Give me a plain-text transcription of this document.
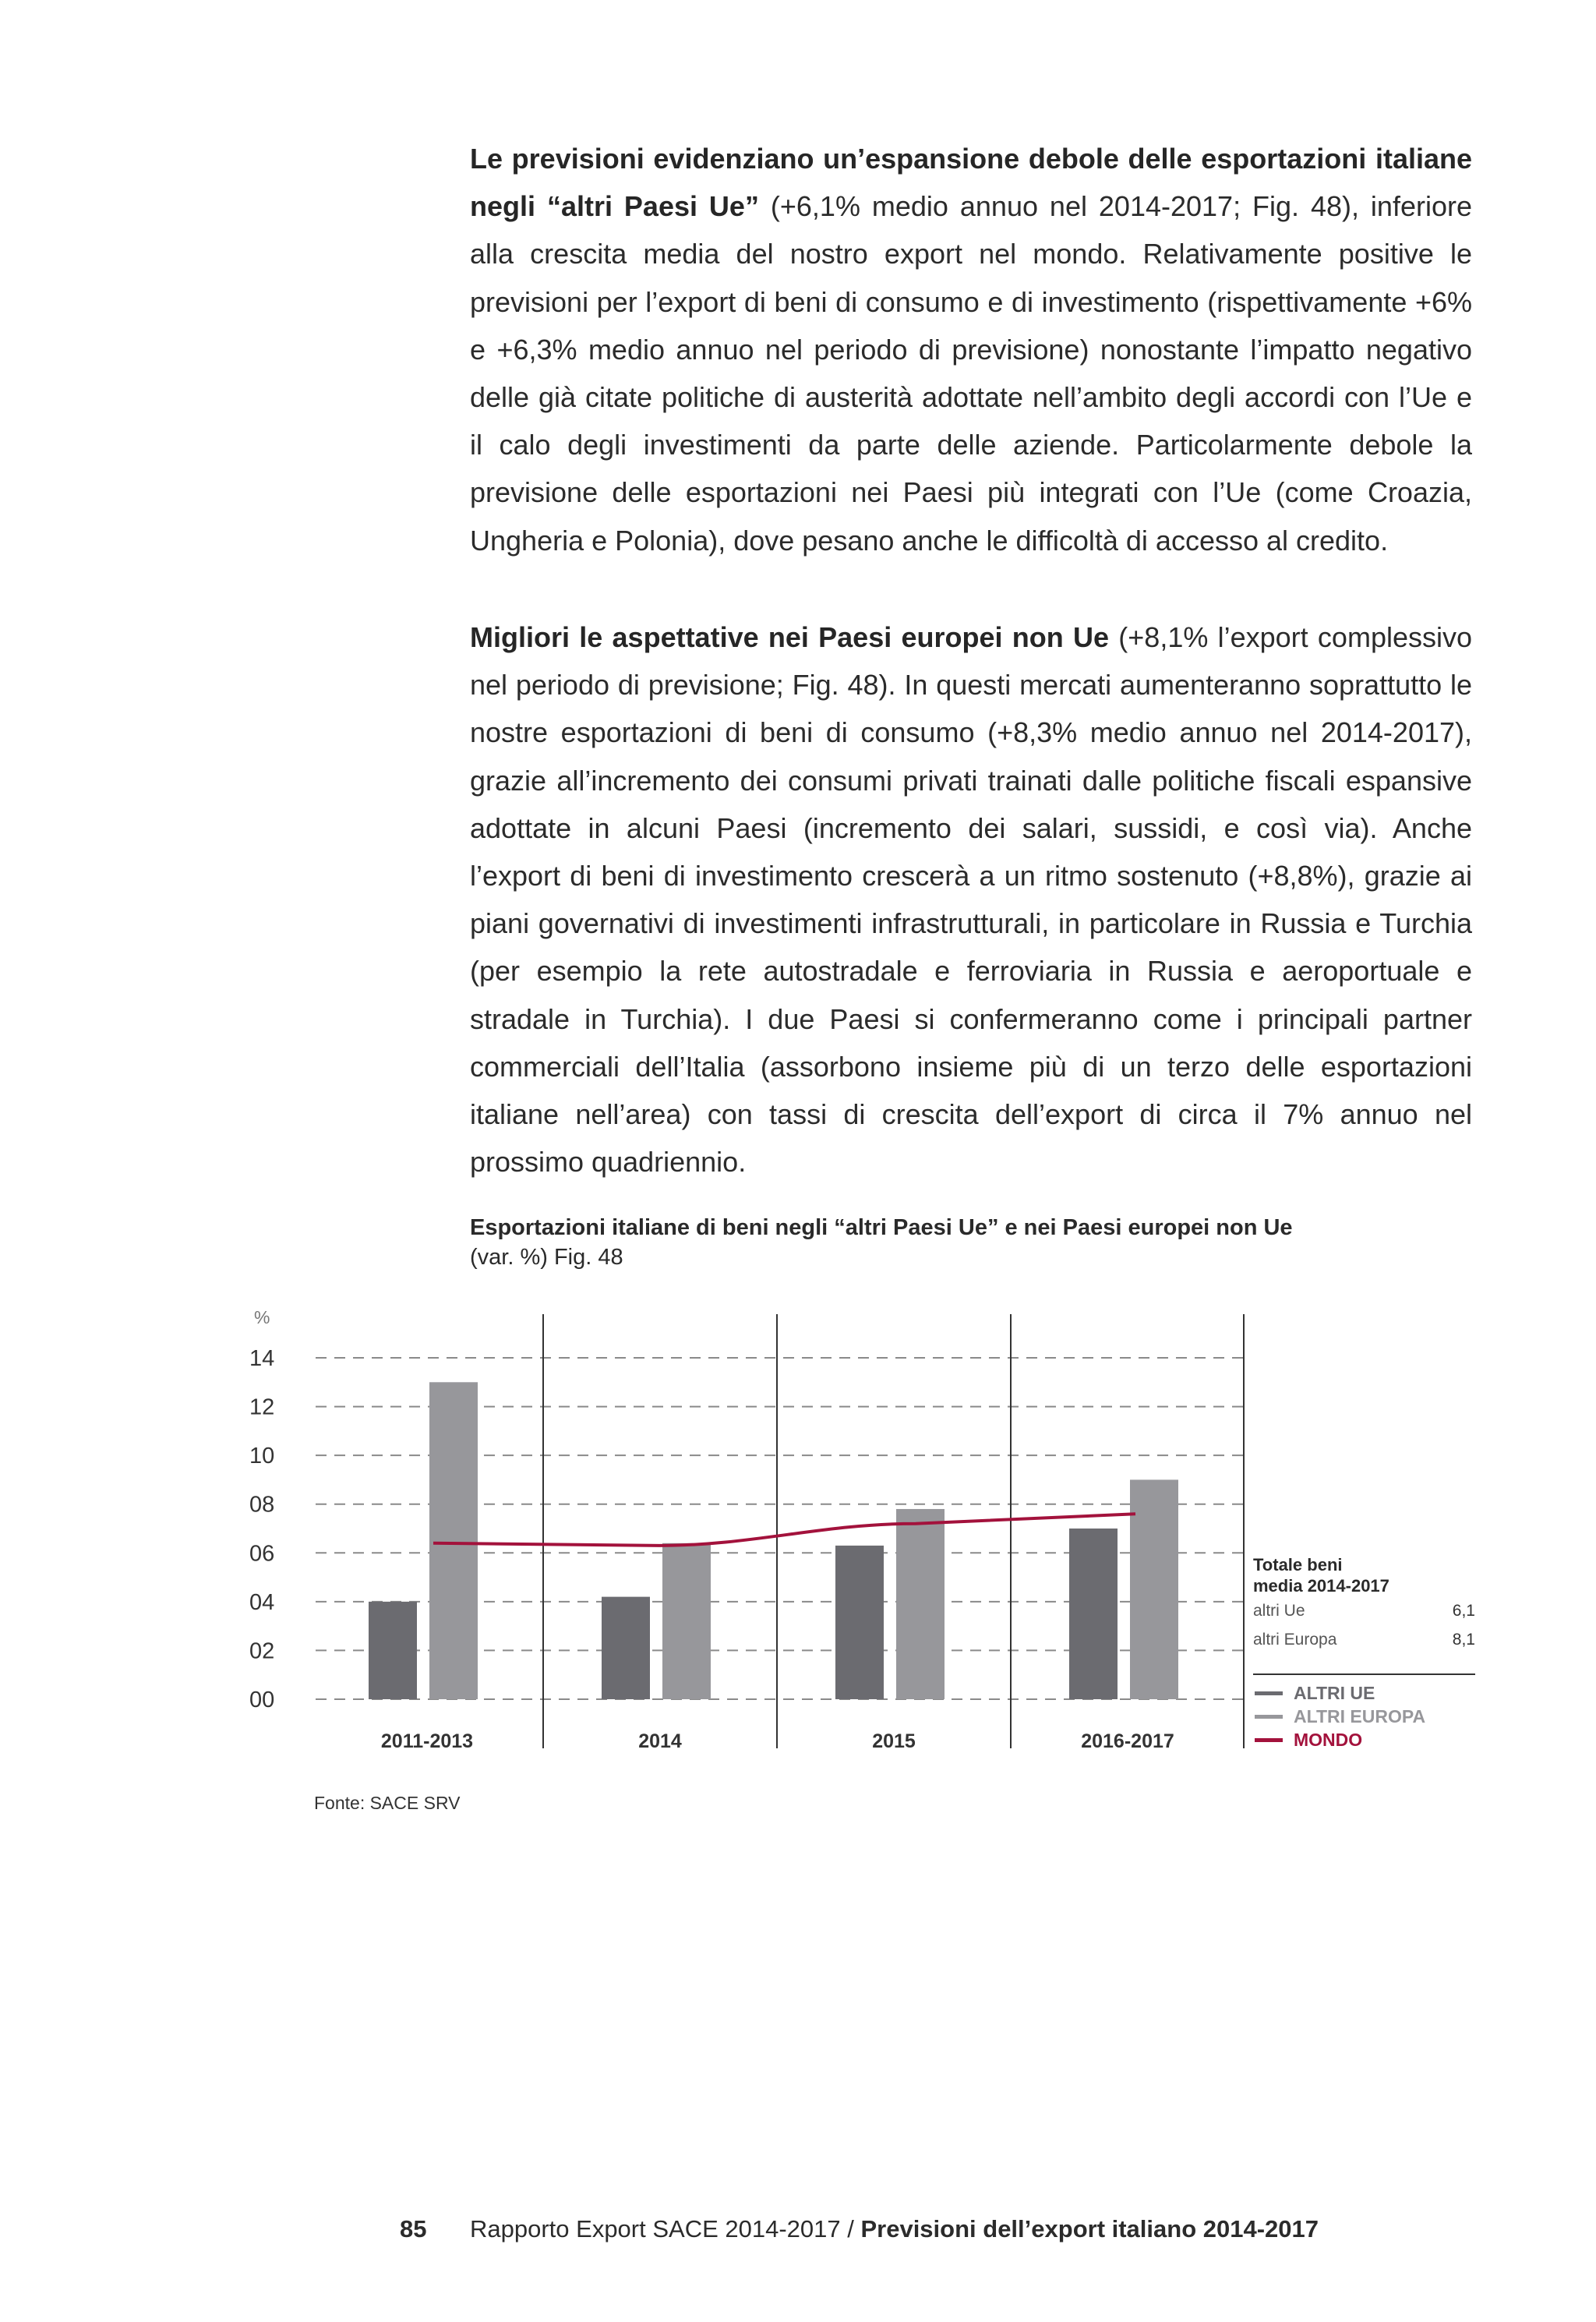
Le previsioni evidenziano un’espansione debole delle esportazioni italiane negli “altri Paesi Ue” (+6,1% medio annuo nel 2014-2017; Fig. 48), inferiore alla crescita media del nostro export nel mondo. Relativamente positive le previsioni per l’export di beni di consumo e di investimento (rispettivamente +6% e +6,3% medio annuo nel periodo di previsione) nonostante l’impatto negativo delle già citate politiche di austerità adottate nell’ambito degli accordi con l’Ue e il calo degli investimenti da parte delle aziende. Particolarmente debole la previsione delle esportazioni nei Paesi più integrati con l’Ue (come Croazia, Ungheria e Polonia), dove pesano anche le difficoltà di accesso al credito.

Migliori le aspettative nei Paesi europei non Ue (+8,1% l’export complessivo nel periodo di previsione; Fig. 48). In questi mercati aumenteranno soprattutto le nostre esportazioni di beni di consumo (+8,3% medio annuo nel 2014-2017), grazie all’incremento dei consumi privati trainati dalle politiche fiscali espansive adottate in alcuni Paesi (incremento dei salari, sussidi, e così via). Anche l’export di beni di investimento crescerà a un ritmo sostenuto (+8,8%), grazie ai piani governativi di investimenti infrastrutturali, in particolare in Russia e Turchia (per esempio la rete autostradale e ferroviaria in Russia e aeroportuale e stradale in Turchia). I due Paesi si confermeranno come i principali partner commerciali dell’Italia (assorbono insieme più di un terzo delle esportazioni italiane nell’area) con tassi di crescita dell’export di circa il 7% annuo nel prossimo quadriennio.

Esportazioni italiane di beni negli “altri Paesi Ue” e nei Paesi europei non Ue
(var. %) Fig. 48
%
00
02
04
06
08
10
12
14
2011-2013	2014	2015	2016-2017
Totale beni
media 2014-2017
altri Ue	6,1
altri Europa	8,1
ALTRI UE
ALTRI EUROPA
MONDO
Fonte: SACE SRV
85 Rapporto Export SACE 2014-2017 / Previsioni dell’export italiano 2014-2017
